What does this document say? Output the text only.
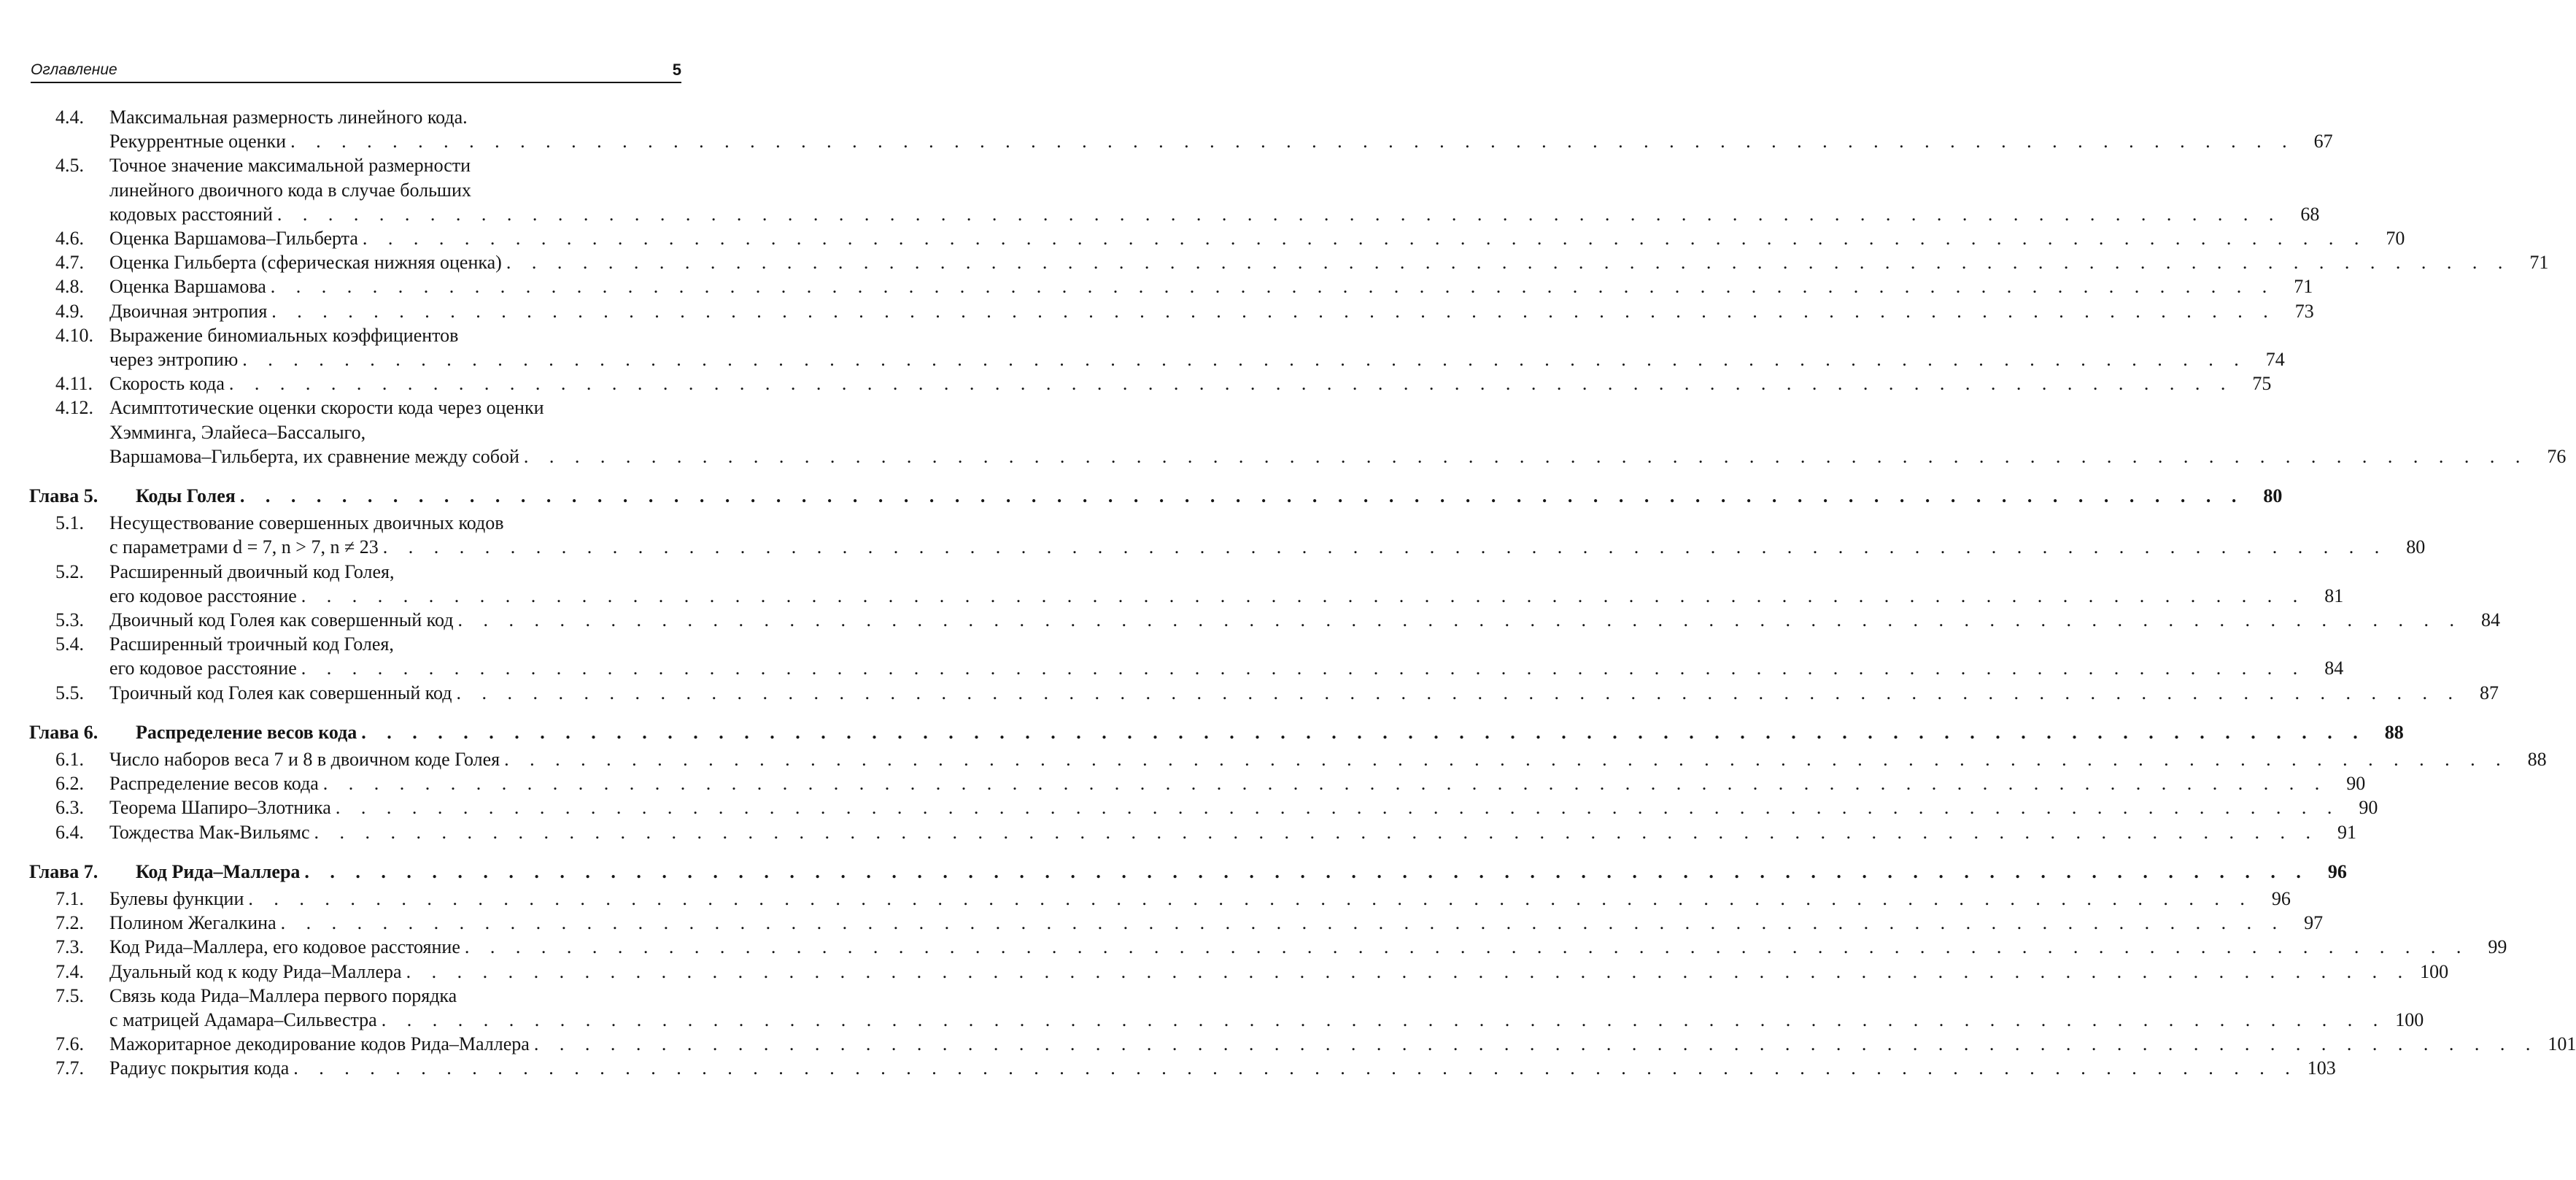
Оглавление	5
4.4. Максимальная размерность линейного кода.
Рекуррентные оценки . . . . . . . . . . . . . . . . . . . . . . . . . . . . . . . . . . . . . . . . . . . . . . . . . . . . . . . . . . . . . . . . . . . . . . . . . . . . . . .	67
4.5. Точное значение максимальной размерности
линейного двоичного кода в случае больших
кодовых расстояний . . . . . . . . . . . . . . . . . . . . . . . . . . . . . . . . . . . . . . . . . . . . . . . . . . . . . . . . . . . . . . . . . . . . . . . . . . . . . . .	68
4.6. Оценка Варшамова–Гильберта . . . . . . . . . . . . . . . . . . . . . . . . . . . . . . . . . . . . . . . . . . . . . . . . . . . . . . . . . . . . . . . . . . . . . . . . . . . . . . .	70
4.7. Оценка Гильберта (сферическая нижняя оценка) . . . . . . . . . . . . . . . . . . . . . . . . . . . . . . . . . . . . . . . . . . . . . . . . . . . . . . . . . . . . . . . . . . . . . . . . . . . . . . .	71
4.8. Оценка Варшамова . . . . . . . . . . . . . . . . . . . . . . . . . . . . . . . . . . . . . . . . . . . . . . . . . . . . . . . . . . . . . . . . . . . . . . . . . . . . . . .	71
4.9. Двоичная энтропия . . . . . . . . . . . . . . . . . . . . . . . . . . . . . . . . . . . . . . . . . . . . . . . . . . . . . . . . . . . . . . . . . . . . . . . . . . . . . . .	73
4.10. Выражение биномиальных коэффициентов
через энтропию . . . . . . . . . . . . . . . . . . . . . . . . . . . . . . . . . . . . . . . . . . . . . . . . . . . . . . . . . . . . . . . . . . . . . . . . . . . . . . .	74
4.11. Скорость кода . . . . . . . . . . . . . . . . . . . . . . . . . . . . . . . . . . . . . . . . . . . . . . . . . . . . . . . . . . . . . . . . . . . . . . . . . . . . . . .	75
4.12. Асимптотические оценки скорости кода через оценки
Хэмминга, Элайеса–Бассалыго,
Варшамова–Гильберта, их сравнение между собой . . . . . . . . . . . . . . . . . . . . . . . . . . . . . . . . . . . . . . . . . . . . . . . . . . . . . . . . . . . . . . . . . . . . . . . . . . . . . . .	76
Глава 5. Коды Голея . . . . . . . . . . . . . . . . . . . . . . . . . . . . . . . . . . . . . . . . . . . . . . . . . . . . . . . . . . . . . . . . . . . . . . . . . . . . . . .	80
5.1. Несуществование совершенных двоичных кодов
с параметрами d = 7, n > 7, n ≠ 23 . . . . . . . . . . . . . . . . . . . . . . . . . . . . . . . . . . . . . . . . . . . . . . . . . . . . . . . . . . . . . . . . . . . . . . . . . . . . . . .	80
5.2. Расширенный двоичный код Голея,
его кодовое расстояние . . . . . . . . . . . . . . . . . . . . . . . . . . . . . . . . . . . . . . . . . . . . . . . . . . . . . . . . . . . . . . . . . . . . . . . . . . . . . . .	81
5.3. Двоичный код Голея как совершенный код . . . . . . . . . . . . . . . . . . . . . . . . . . . . . . . . . . . . . . . . . . . . . . . . . . . . . . . . . . . . . . . . . . . . . . . . . . . . . . .	84
5.4. Расширенный троичный код Голея,
его кодовое расстояние . . . . . . . . . . . . . . . . . . . . . . . . . . . . . . . . . . . . . . . . . . . . . . . . . . . . . . . . . . . . . . . . . . . . . . . . . . . . . . .	84
5.5. Троичный код Голея как совершенный код . . . . . . . . . . . . . . . . . . . . . . . . . . . . . . . . . . . . . . . . . . . . . . . . . . . . . . . . . . . . . . . . . . . . . . . . . . . . . . .	87
Глава 6. Распределение весов кода . . . . . . . . . . . . . . . . . . . . . . . . . . . . . . . . . . . . . . . . . . . . . . . . . . . . . . . . . . . . . . . . . . . . . . . . . . . . . . .	88
6.1. Число наборов веса 7 и 8 в двоичном коде Голея . . . . . . . . . . . . . . . . . . . . . . . . . . . . . . . . . . . . . . . . . . . . . . . . . . . . . . . . . . . . . . . . . . . . . . . . . . . . . . .	88
6.2. Распределение весов кода . . . . . . . . . . . . . . . . . . . . . . . . . . . . . . . . . . . . . . . . . . . . . . . . . . . . . . . . . . . . . . . . . . . . . . . . . . . . . . .	90
6.3. Теорема Шапиро–Злотника . . . . . . . . . . . . . . . . . . . . . . . . . . . . . . . . . . . . . . . . . . . . . . . . . . . . . . . . . . . . . . . . . . . . . . . . . . . . . . .	90
6.4. Тождества Мак-Вильямс . . . . . . . . . . . . . . . . . . . . . . . . . . . . . . . . . . . . . . . . . . . . . . . . . . . . . . . . . . . . . . . . . . . . . . . . . . . . . . .	91
Глава 7. Код Рида–Маллера . . . . . . . . . . . . . . . . . . . . . . . . . . . . . . . . . . . . . . . . . . . . . . . . . . . . . . . . . . . . . . . . . . . . . . . . . . . . . . .	96
7.1. Булевы функции . . . . . . . . . . . . . . . . . . . . . . . . . . . . . . . . . . . . . . . . . . . . . . . . . . . . . . . . . . . . . . . . . . . . . . . . . . . . . . .	96
7.2. Полином Жегалкина . . . . . . . . . . . . . . . . . . . . . . . . . . . . . . . . . . . . . . . . . . . . . . . . . . . . . . . . . . . . . . . . . . . . . . . . . . . . . . .	97
7.3. Код Рида–Маллера, его кодовое расстояние . . . . . . . . . . . . . . . . . . . . . . . . . . . . . . . . . . . . . . . . . . . . . . . . . . . . . . . . . . . . . . . . . . . . . . . . . . . . . . .	99
7.4. Дуальный код к коду Рида–Маллера . . . . . . . . . . . . . . . . . . . . . . . . . . . . . . . . . . . . . . . . . . . . . . . . . . . . . . . . . . . . . . . . . . . . . . . . . . . . . . . 100
7.5. Связь кода Рида–Маллера первого порядка
с матрицей Адамара–Сильвестра . . . . . . . . . . . . . . . . . . . . . . . . . . . . . . . . . . . . . . . . . . . . . . . . . . . . . . . . . . . . . . . . . . . . . . . . . . . . . . . 100
7.6. Мажоритарное декодирование кодов Рида–Маллера . . . . . . . . . . . . . . . . . . . . . . . . . . . . . . . . . . . . . . . . . . . . . . . . . . . . . . . . . . . . . . . . . . . . . . . . . . . . . . . 101
7.7. Радиус покрытия кода . . . . . . . . . . . . . . . . . . . . . . . . . . . . . . . . . . . . . . . . . . . . . . . . . . . . . . . . . . . . . . . . . . . . . . . . . . . . . . . 103
